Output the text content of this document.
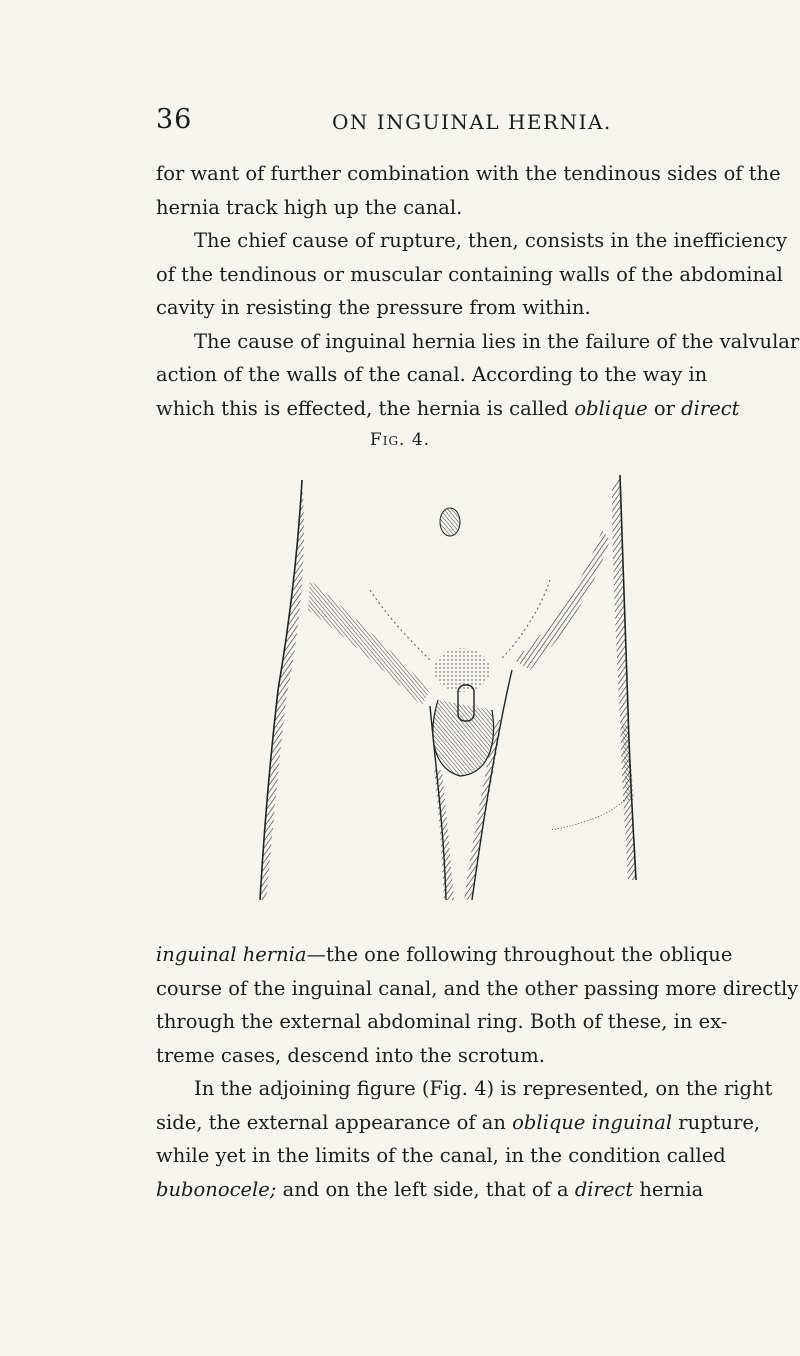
36	ON INGUINAL HERNIA.
for want of further combination with the tendinous sides of the
hernia track high up the canal.
The chief cause of rupture, then, consists in the inefficiency
of the tendinous or muscular containing walls of the abdominal
cavity in resisting the pressure from within.
The cause of inguinal hernia lies in the failure of the valvular
action of the walls of the canal. According to the way in
which this is effected, the hernia is called oblique or direct
Fig. 4.
inguinal hernia—the one following throughout the oblique
course of the inguinal canal, and the other passing more directly
through the external abdominal ring. Both of these, in ex-
treme cases, descend into the scrotum.
In the adjoining figure (Fig. 4) is represented, on the right
side, the external appearance of an oblique inguinal rupture,
while yet in the limits of the canal, in the condition called
bubonocele; and on the left side, that of a direct hernia
